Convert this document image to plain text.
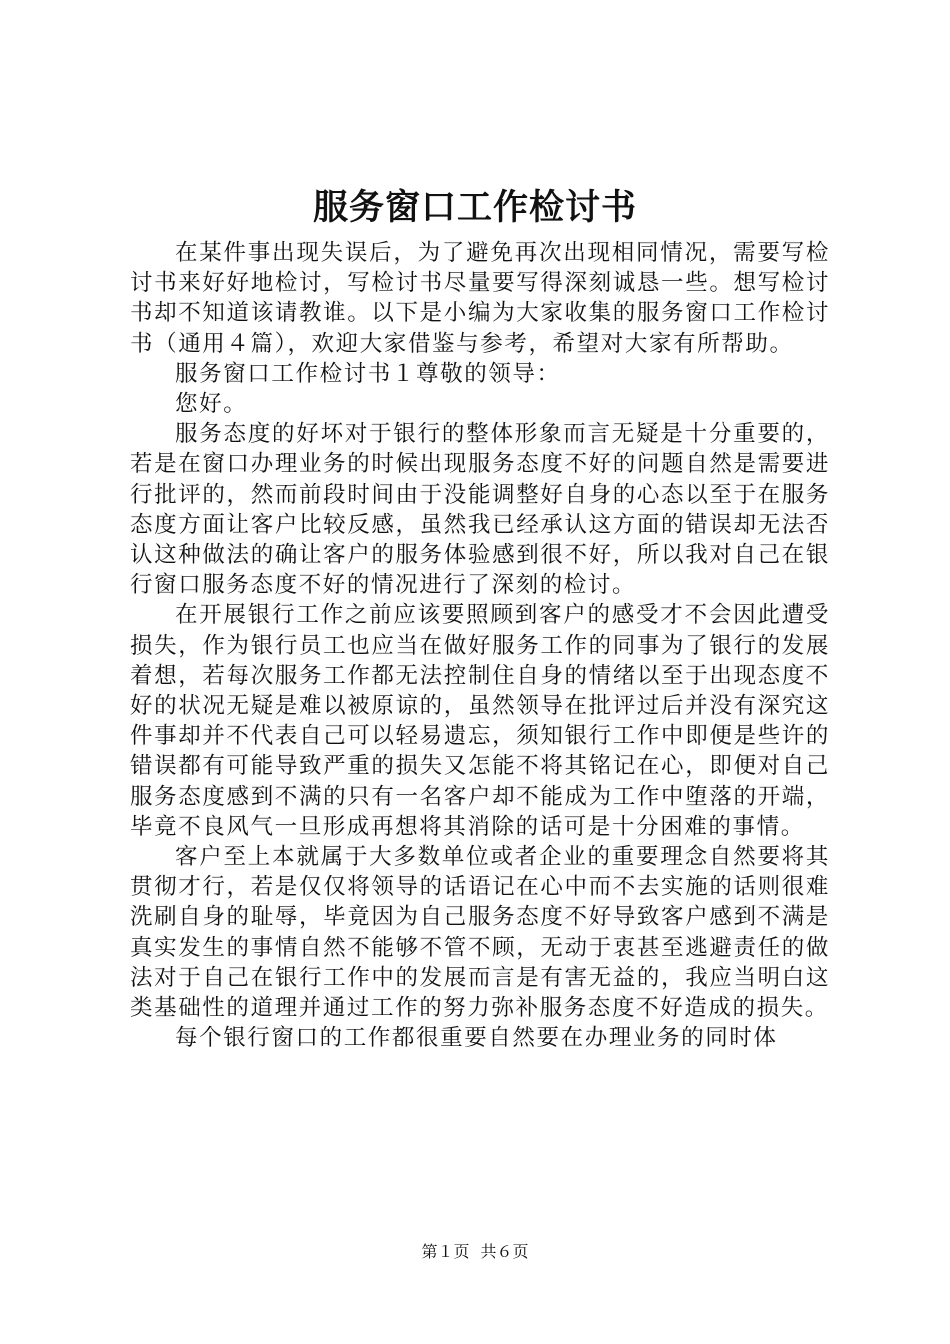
服务窗口工作检讨书

在某件事出现失误后，为了避免再次出现相同情况，需要写检讨书来好好地检讨，写检讨书尽量要写得深刻诚恳一些。想写检讨书却不知道该请教谁。以下是小编为大家收集的服务窗口工作检讨书（通用４篇），欢迎大家借鉴与参考，希望对大家有所帮助。

服务窗口工作检讨书１尊敬的领导：

您好。

服务态度的好坏对于银行的整体形象而言无疑是十分重要的，若是在窗口办理业务的时候出现服务态度不好的问题自然是需要进行批评的，然而前段时间由于没能调整好自身的心态以至于在服务态度方面让客户比较反感，虽然我已经承认这方面的错误却无法否认这种做法的确让客户的服务体验感到很不好，所以我对自己在银行窗口服务态度不好的情况进行了深刻的检讨。

在开展银行工作之前应该要照顾到客户的感受才不会因此遭受损失，作为银行员工也应当在做好服务工作的同事为了银行的发展着想，若每次服务工作都无法控制住自身的情绪以至于出现态度不好的状况无疑是难以被原谅的，虽然领导在批评过后并没有深究这件事却并不代表自己可以轻易遗忘，须知银行工作中即便是些许的错误都有可能导致严重的损失又怎能不将其铭记在心，即便对自己服务态度感到不满的只有一名客户却不能成为工作中堕落的开端，毕竟不良风气一旦形成再想将其消除的话可是十分困难的事情。

客户至上本就属于大多数单位或者企业的重要理念自然要将其贯彻才行，若是仅仅将领导的话语记在心中而不去实施的话则很难洗刷自身的耻辱，毕竟因为自己服务态度不好导致客户感到不满是真实发生的事情自然不能够不管不顾，无动于衷甚至逃避责任的做法对于自己在银行工作中的发展而言是有害无益的，我应当明白这类基础性的道理并通过工作的努力弥补服务态度不好造成的损失。

每个银行窗口的工作都很重要自然要在办理业务的同时体

第１页 共６页
